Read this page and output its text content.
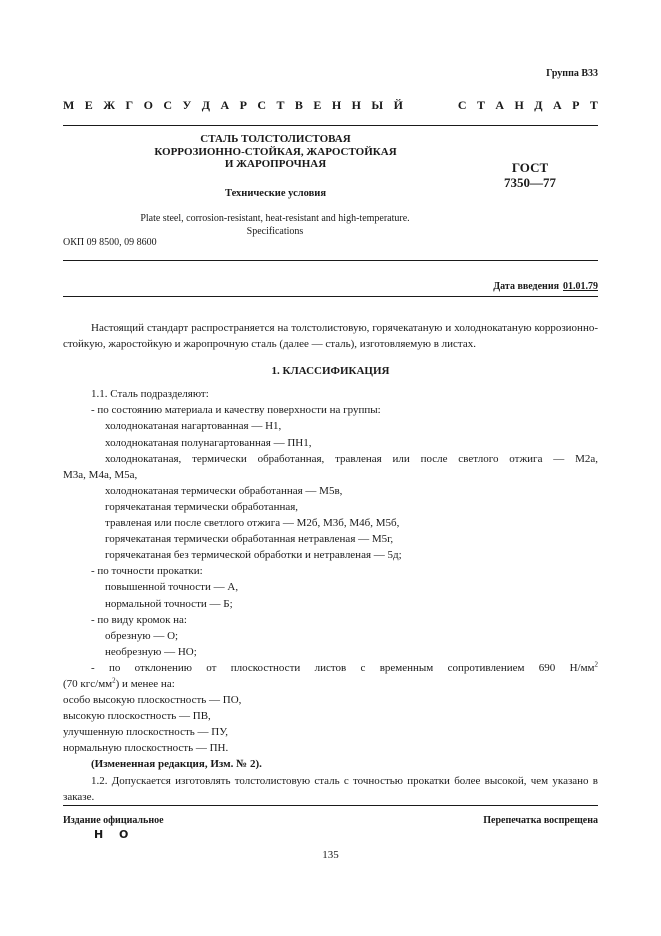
Группа В33
М Е Ж Г О С У Д А Р С Т В Е Н Н Ы Й	С Т А Н Д А Р Т
СТАЛЬ ТОЛСТОЛИСТОВАЯ
КОРРОЗИОННО-СТОЙКАЯ, ЖАРОСТОЙКАЯ
И ЖАРОПРОЧНАЯ
Технические условия
ГОСТ
7350—77
Plate steel, corrosion-resistant, heat-resistant and high-temperature.
Specifications
ОКП 09 8500, 09 8600
Дата введения 01.01.79

Настоящий стандарт распространяется на толстолистовую, горячекатаную и холоднокатаную коррозионно-стойкую, жаростойкую и жаропрочную сталь (далее — сталь), изготовляемую в листах.

1. КЛАССИФИКАЦИЯ

1.1. Сталь подразделяют:

- по состоянию материала и качеству поверхности на группы:

холоднокатаная нагартованная — Н1,

холоднокатаная полунагартованная — ПН1,

холоднокатаная, термически обработанная, травленая или после светлого отжига — М2а,

М3а, М4а, М5а,

холоднокатаная термически обработанная — М5в,

горячекатаная термически обработанная,

травленая или после светлого отжига — М2б, М3б, М4б, М5б,

горячекатаная термически обработанная нетравленая — М5г,

горячекатаная без термической обработки и нетравленая — 5д;

- по точности прокатки:

повышенной точности — А,

нормальной точности — Б;

- по виду кромок на:

обрезную — О;

необрезную — НО;

- по отклонению от плоскостности листов с временным сопротивлением 690 $Н/мм^2$

(70 кгс/$мм^2$) и менее на:

особо высокую плоскостность — ПО,

высокую плоскостность — ПВ,

улучшенную плоскостность — ПУ,

нормальную плоскостность — ПН.

(Измененная редакция, Изм. № 2).

1.2. Допускается изготовлять толстолистовую сталь с точностью прокатки более высокой, чем указано в заказе.

Издание официальное
Н О
Перепечатка воспрещена
135
